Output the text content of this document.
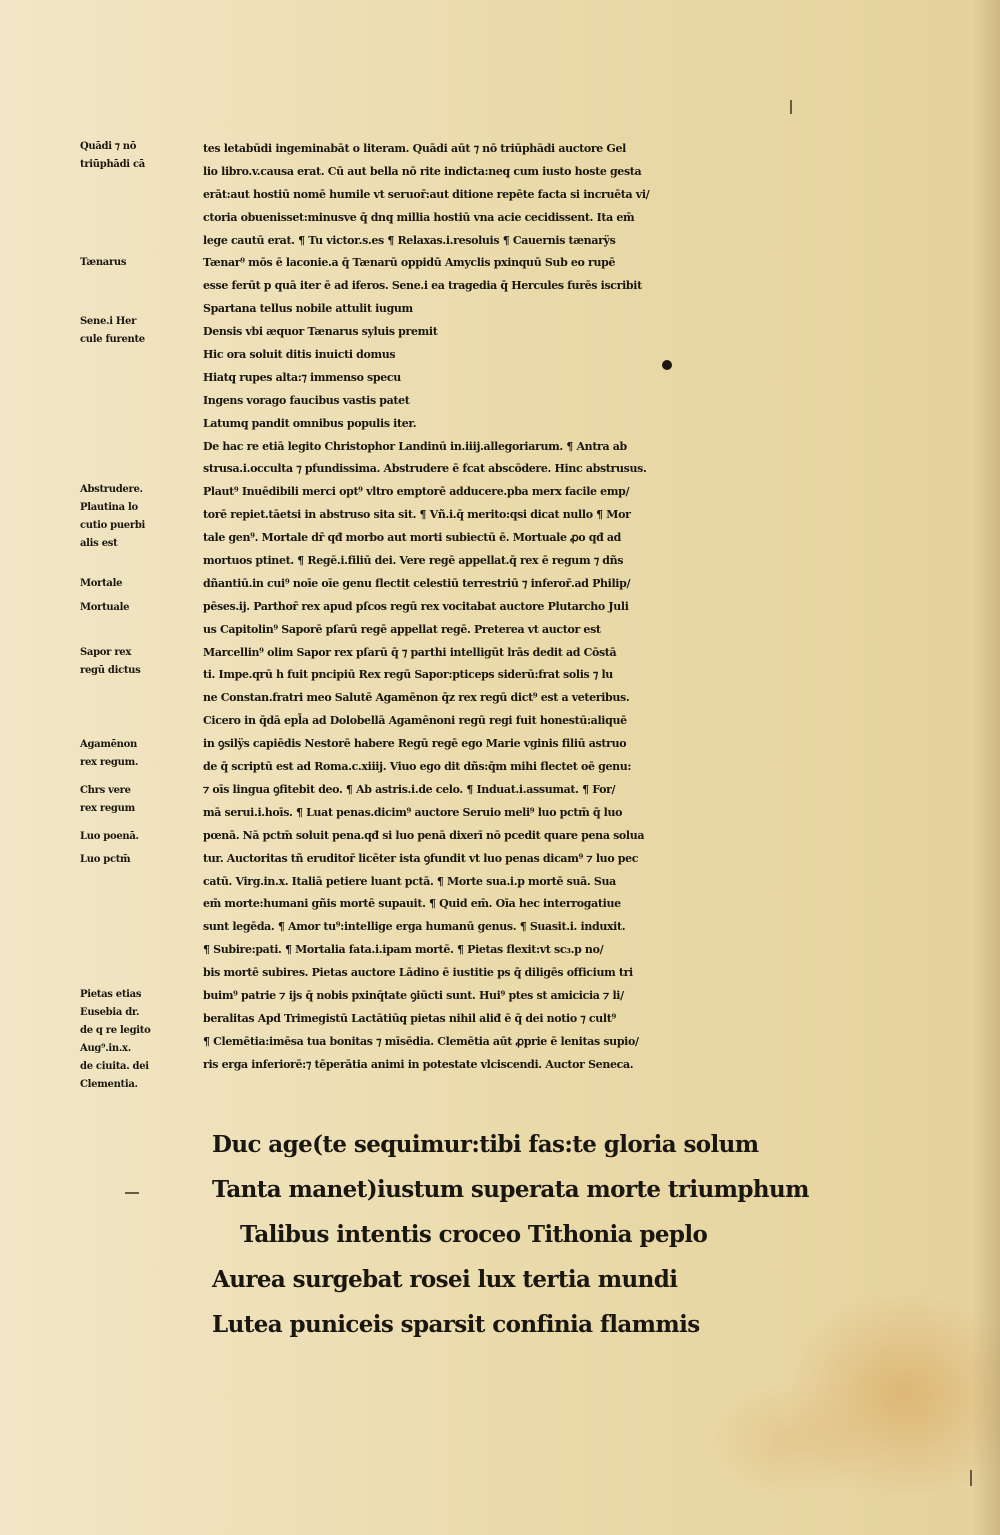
Quādi ⁊ nō
triūphādi cā
Tænarus
Sene.i Her
cule furente
Abstrudere.
Plautina lo
cutio puerbi
alis est
Mortale
Mortuale
Sapor rex
regū dictus
Agamēnon
rex regum.
Chrs vere
rex regum
Luo poenā.
Luo pctm̄
Pietas etias
Eusebia dr.
de q re legito
Aug⁹.in.x.
de ciuita. dei
Clementia.
tes letabūdi ingeminabāt o literam. Quādi aūt ⁊ nō triūphādi auctore Gel
lio libro.v.causa erat. Cū aut bella nō rite indicta:neq̧ cum iusto hoste gesta
erāt:aut hostiū nomē humile vt seruor̄:aut ditione repēte facta si incruēta vi/
ctoria obuenisset:minusve q̄ dnq̧ millia hostiū vna acie cecidissent. Ita em̄
lege cautū erat. ¶ Tu victor.s.es ¶ Relaxas.i.resoluis ¶ Cauernis tænarÿs
Tænar⁹ mōs ē laconie.a q̄ Tænarū oppidū Amyclis pxinquū Sub eo rupē
esse ferūt p quā iter ē ad iferos. Sene.i ea tragedia q̄ Hercules furēs iscribit
Spartana tellus nobile attulit iugum
Densis vbi æquor Tænarus syluis premit
Hic ora soluit ditis inuicti domus
Hiatq̧ rupes alta:⁊ immenso specu
Ingens vorago faucibus vastis patet
Latumq̧ pandit omnibus populis iter.
De hac re etiā legito Christophor Landinū in.iiij.allegoriarum. ¶ Antra ab
strusa.i.occulta ⁊ pfundissima. Abstrudere ē fcat abscōdere. Hinc abstrusus.
Plaut⁹ Inuēdibili merci opt⁹ vltro emptorē adducere.pba merx facile emp/
torē repiet.tāetsi in abstruso sita sit. ¶ Vñ.i.q̄ merito:qsi dicat nullo ¶ Mor
tale gen⁹. Mortale dr̄ qđ morbo aut morti subiectū ē. Mortuale ꝓo qđ ad
mortuos ptinet. ¶ Regē.i.filiū dei. Vere regē appellat.q̄ rex ē regum ⁊ dñs
dñantiū.in cui⁹ noīe oīe genu flectit celestiū terrestriū ⁊ inferor̄.ad Philip/
pēses.ij. Parthor̄ rex apud pſcos regū rex vocitabat auctore Plutarcho Juli
us Capitolin⁹ Saporē pſarū regē appellat regē. Preterea vt auctor est
Marcellin⁹ olim Sapor rex pſarū q̄ ⁊ parthi intelligūt lrās dedit ad Cōstā
ti. Impe.qrū h fuit pncipiū Rex regū Sapor:pticeps siderū:frat solis ⁊ lu
ne Constan.fratri meo Salutē Agamēnon q̄z rex regū dict⁹ est a veteribus.
Cicero in q̄dā epl̄a ad Dolobellā Agamēnoni regū regi fuit honestū:aliquē
in ꝯsilÿs capiēdis Nestorē habere Regū regē ego Marie vginis filiū astruo
de q̄ scriptū est ad Roma.c.xiiij. Viuo ego dit dñs:q̄m mihi flectet oē genu:
⁊ oīs lingua ꝯfitebit deo. ¶ Ab astris.i.de celo. ¶ Induat.i.assumat. ¶ For/
mā serui.i.hoīs. ¶ Luat penas.dicim⁹ auctore Seruio meli⁹ luo pctm̄ q̄ luo
pœnā. Nā pctm̄ soluit pena.qđ si luo penā dixerī nō pcedit quare pena solua
tur. Auctoritas tñ eruditor̄ licēter ista ꝯfundit vt luo penas dicam⁹ ⁊ luo pec
catū. Virg.in.x. Italiā petiere luant pctā. ¶ Morte sua.i.p mortē suā. Sua
em̄ morte:humani gñis mortē supauit. ¶ Quid em̄. Oīa hec interrogatiue
sunt legēda. ¶ Amor tu⁹:intellige erga humanū genus. ¶ Suasit.i. induxit.
¶ Subire:pati. ¶ Mortalia fata.i.ipam mortē. ¶ Pietas flexit:vt sc₃.p no/
bis mortē subires. Pietas auctore Lādino ē iustitie ps q̄ diligēs officium tri
buim⁹ patrie ⁊ ijs q̄ nobis pxinq̄tate ꝯiūcti sunt. Hui⁹ ptes st amicicia ⁊ li/
beralitas Apd Trimegistū Lactātiūq̧ pietas nihil aliđ ē q̄ dei notio ⁊ cult⁹
¶ Clemētia:imēsa tua bonitas ⁊ mīsēdia. Clemētia aūt ꝓprie ē lenitas supio/
ris erga inferiorē:⁊ tēperātia animi in potestate vlciscendi. Auctor Seneca.
Duc age(te sequimur:tibi fas:te gloria solum
Tanta manet)iustum superata morte triumphum
Talibus intentis croceo Tithonia peplo
Aurea surgebat rosei lux tertia mundi
Lutea puniceis sparsit confinia flammis
